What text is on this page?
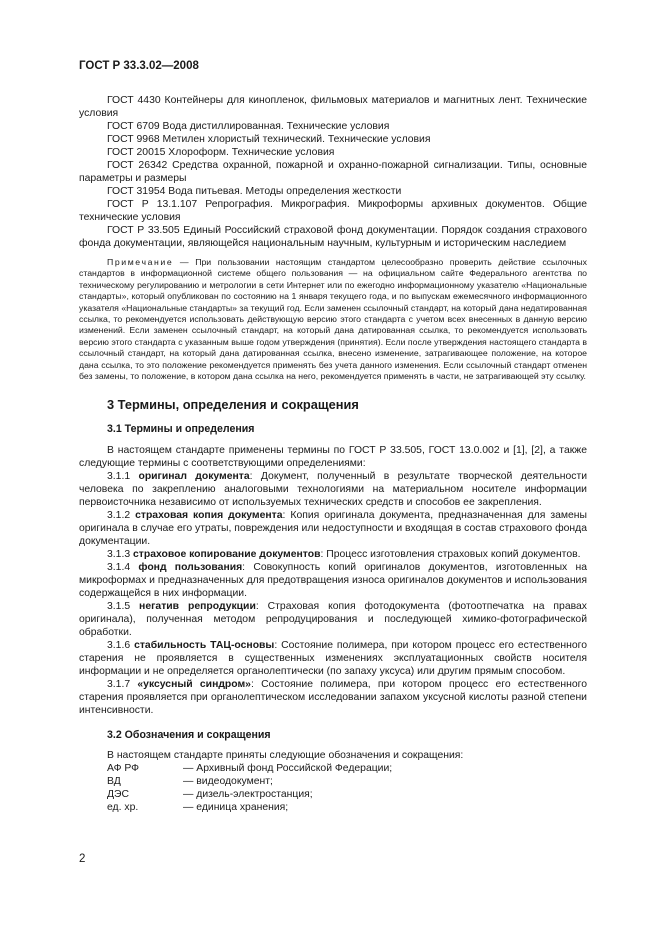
ГОСТ Р 33.3.02—2008

ГОСТ 4430 Контейнеры для кинопленок, фильмовых материалов и магнитных лент. Технические условия

ГОСТ 6709 Вода дистиллированная. Технические условия

ГОСТ 9968 Метилен хлористый технический. Технические условия

ГОСТ 20015 Хлороформ. Технические условия

ГОСТ 26342 Средства охранной, пожарной и охранно-пожарной сигнализации. Типы, основные параметры и размеры

ГОСТ 31954 Вода питьевая. Методы определения жесткости

ГОСТ Р 13.1.107 Репрография. Микрография. Микроформы архивных документов. Общие технические условия

ГОСТ Р 33.505 Единый Российский страховой фонд документации. Порядок создания страхового фонда документации, являющейся национальным научным, культурным и историческим наследием

Примечание — При пользовании настоящим стандартом целесообразно проверить действие ссылочных стандартов в информационной системе общего пользования — на официальном сайте Федерального агентства по техническому регулированию и метрологии в сети Интернет или по ежегодно информационному указателю «Национальные стандарты», который опубликован по состоянию на 1 января текущего года, и по выпускам ежемесячного информационного указателя «Национальные стандарты» за текущий год. Если заменен ссылочный стандарт, на который дана недатированная ссылка, то рекомендуется использовать действующую версию этого стандарта с учетом всех внесенных в данную версию изменений. Если заменен ссылочный стандарт, на который дана датированная ссылка, то рекомендуется использовать версию этого стандарта с указанным выше годом утверждения (принятия). Если после утверждения настоящего стандарта в ссылочный стандарт, на который дана датированная ссылка, внесено изменение, затрагивающее положение, на которое дана ссылка, то это положение рекомендуется применять без учета данного изменения. Если ссылочный стандарт отменен без замены, то положение, в котором дана ссылка на него, рекомендуется применять в части, не затрагивающей эту ссылку.

3 Термины, определения и сокращения

3.1 Термины и определения

В настоящем стандарте применены термины по ГОСТ Р 33.505, ГОСТ 13.0.002 и [1], [2], а также следующие термины с соответствующими определениями:

3.1.1 оригинал документа: Документ, полученный в результате творческой деятельности человека по закреплению аналоговыми технологиями на материальном носителе информации первоисточника независимо от используемых технических средств и способов ее закрепления.

3.1.2 страховая копия документа: Копия оригинала документа, предназначенная для замены оригинала в случае его утраты, повреждения или недоступности и входящая в состав страхового фонда документации.

3.1.3 страховое копирование документов: Процесс изготовления страховых копий документов.

3.1.4 фонд пользования: Совокупность копий оригиналов документов, изготовленных на микроформах и предназначенных для предотвращения износа оригиналов документов и использования содержащейся в них информации.

3.1.5 негатив репродукции: Страховая копия фотодокумента (фотоотпечатка на правах оригинала), полученная методом репродуцирования и последующей химико-фотографической обработки.

3.1.6 стабильность ТАЦ-основы: Состояние полимера, при котором процесс его естественного старения не проявляется в существенных изменениях эксплуатационных свойств носителя информации и не определяется органолептически (по запаху уксуса) или другим прямым способом.

3.1.7 «уксусный синдром»: Состояние полимера, при котором процесс его естественного старения проявляется при органолептическом исследовании запахом уксусной кислоты разной степени интенсивности.

3.2 Обозначения и сокращения

В настоящем стандарте приняты следующие обозначения и сокращения:

АФ РФ	— Архивный фонд Российской Федерации;
ВД	— видеодокумент;
ДЭС	— дизель-электростанция;
ед. хр.	— единица хранения;
2
